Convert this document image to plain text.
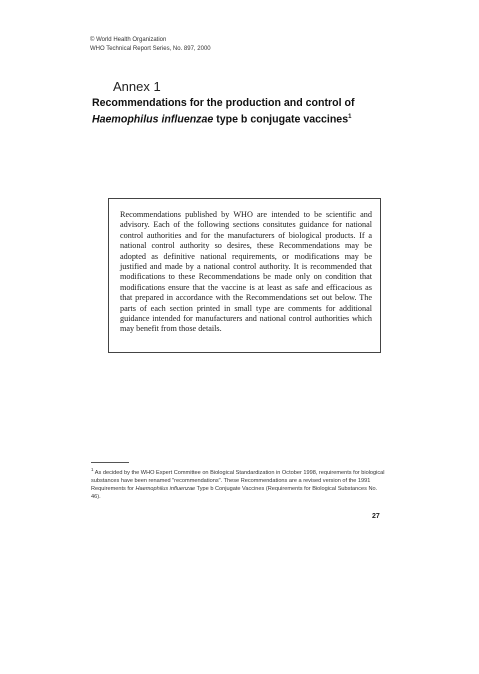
© World Health Organization
WHO Technical Report Series, No. 897, 2000
Annex 1
Recommendations for the production and control of
Haemophilus influenzae type b conjugate vaccines$^1$
Recommendations published by WHO are intended to be scientific and advisory. Each of the following sections consitutes guidance for national control authorities and for the manufacturers of biological products. If a national control authority so desires, these Recommendations may be adopted as definitive national requirements, or modifications may be justified and made by a national control authority. It is recommended that modifications to these Recommendations be made only on condition that modifications ensure that the vaccine is at least as safe and efficacious as that prepared in accordance with the Recommendations set out below. The parts of each section printed in small type are comments for additional guidance intended for manufacturers and national control authorities which may benefit from those details.
$^1$ As decided by the WHO Expert Committee on Biological Standardization in October 1998, requirements for biological substances have been renamed "recommendations". These Recommendations are a revised version of the 1991 Requirements for Haemophilus influenzae Type b Conjugate Vaccines (Requirements for Biological Substances No. 46).
27
